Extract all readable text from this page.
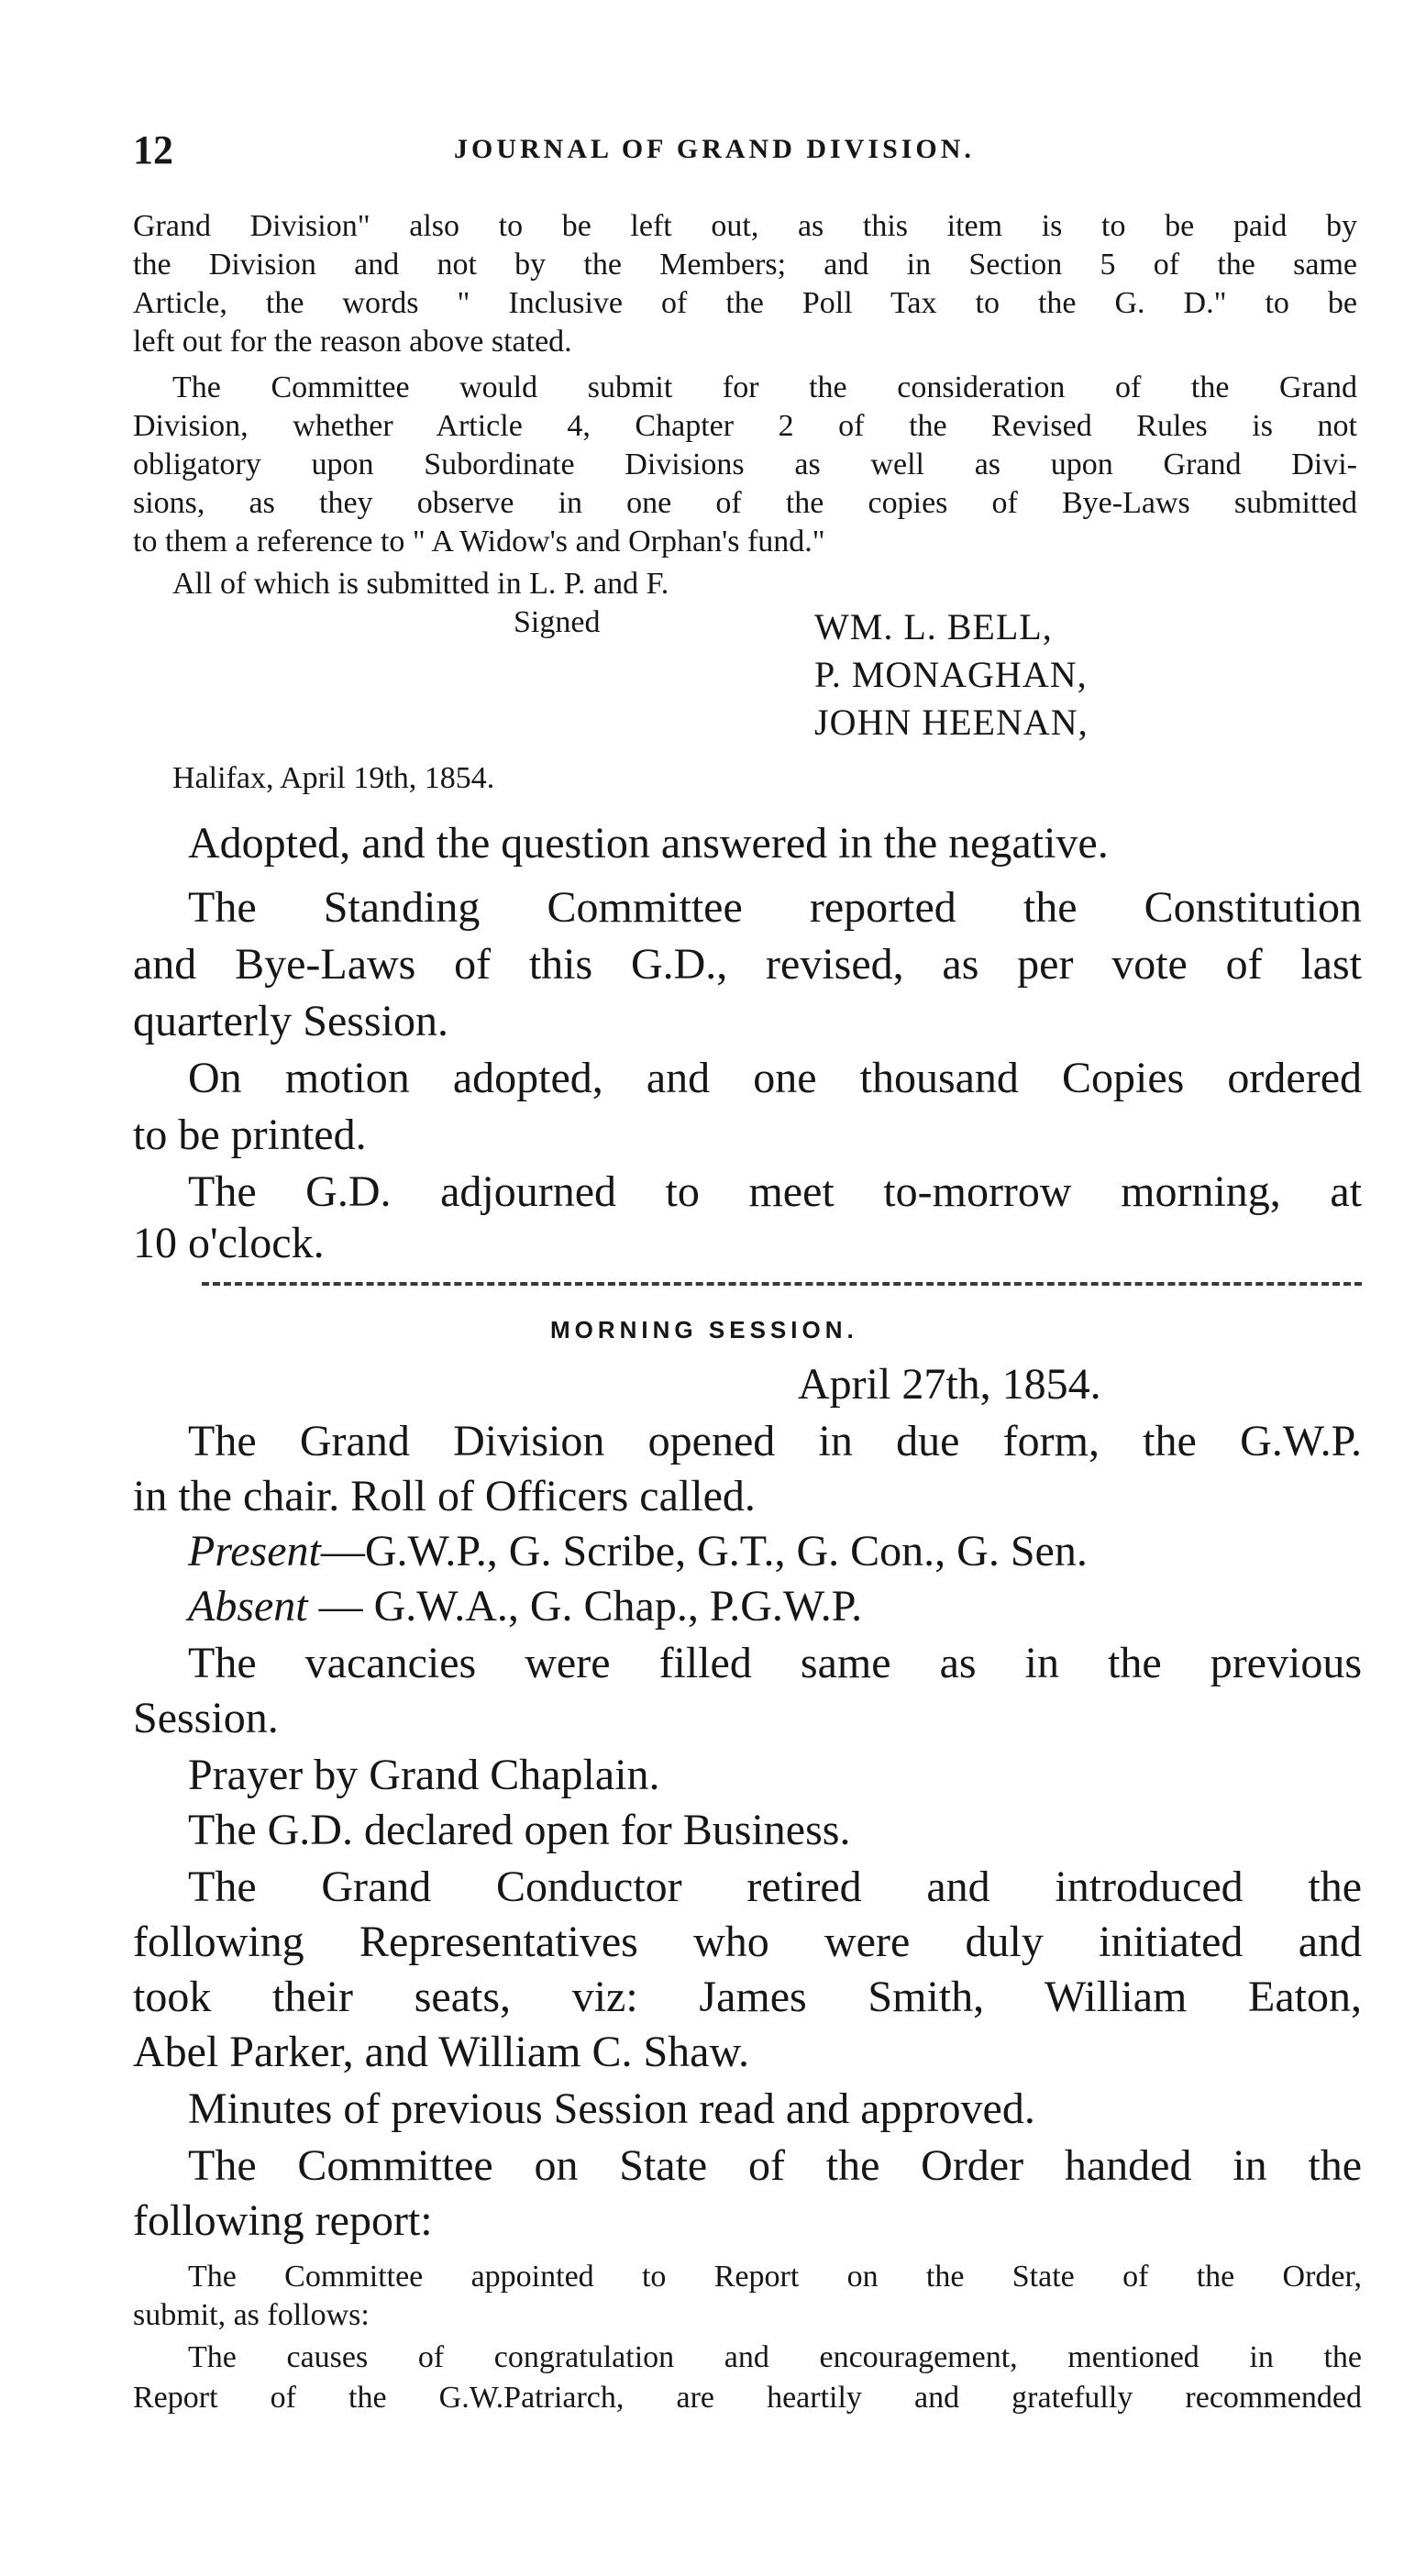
12	JOURNAL OF GRAND DIVISION.
Grand Division" also to be left out, as this item is to be paid by
the Division and not by the Members; and in Section 5 of the same
Article, the words " Inclusive of the Poll Tax to the G. D." to be
left out for the reason above stated.
The Committee would submit for the consideration of the Grand
Division, whether Article 4, Chapter 2 of the Revised Rules is not
obligatory upon Subordinate Divisions as well as upon Grand Divi-
sions, as they observe in one of the copies of Bye-Laws submitted
to them a reference to " A Widow's and Orphan's fund."
All of which is submitted in L. P. and F.
Signed	WM. L. BELL,
P. MONAGHAN,
JOHN HEENAN,
Halifax, April 19th, 1854.
Adopted, and the question answered in the negative.
The Standing Committee reported the Constitution
and Bye-Laws of this G.D., revised, as per vote of last
quarterly Session.
On motion adopted, and one thousand Copies ordered
to be printed.
The G.D. adjourned to meet to-morrow morning, at
10 o'clock.
MORNING SESSION.
April 27th, 1854.
The Grand Division opened in due form, the G.W.P.
in the chair. Roll of Officers called.
Present—G.W.P., G. Scribe, G.T., G. Con., G. Sen.
Absent — G.W.A., G. Chap., P.G.W.P.
The vacancies were filled same as in the previous
Session.
Prayer by Grand Chaplain.
The G.D. declared open for Business.
The Grand Conductor retired and introduced the
following Representatives who were duly initiated and
took their seats, viz: James Smith, William Eaton,
Abel Parker, and William C. Shaw.
Minutes of previous Session read and approved.
The Committee on State of the Order handed in the
following report:
The Committee appointed to Report on the State of the Order,
submit, as follows:
The causes of congratulation and encouragement, mentioned in the
Report of the G.W.Patriarch, are heartily and gratefully recommended
